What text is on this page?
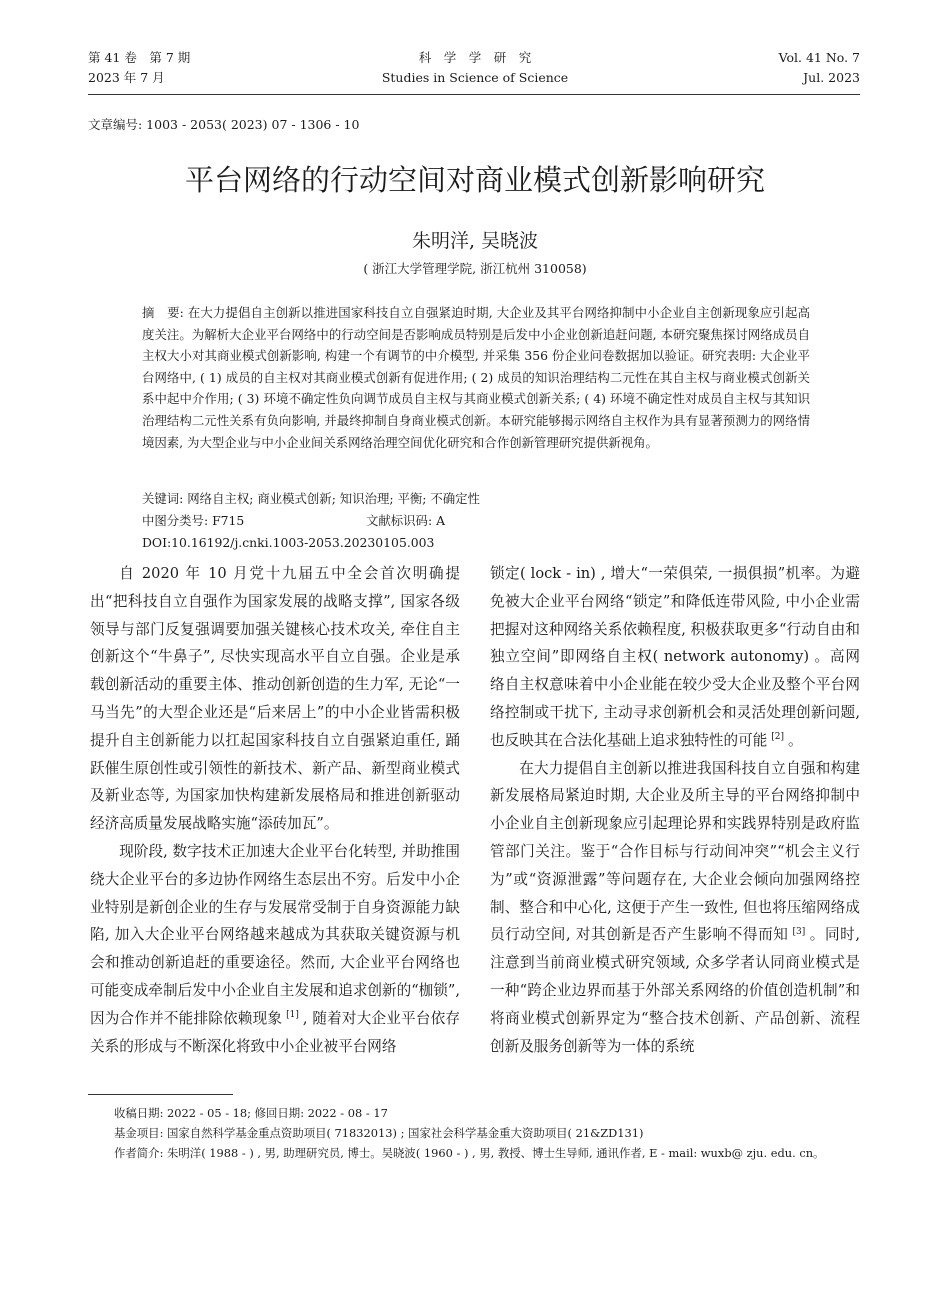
第 41 卷　第 7 期
2023 年 7 月
科　学　学　研　究
Studies in Science of Science
Vol. 41 No. 7
Jul. 2023
文章编号: 1003 - 2053( 2023) 07 - 1306 - 10
平台网络的行动空间对商业模式创新影响研究
朱明洋, 吴晓波
( 浙江大学管理学院, 浙江杭州 310058)
摘　要: 在大力提倡自主创新以推进国家科技自立自强紧迫时期, 大企业及其平台网络抑制中小企业自主创新现象应引起高度关注。为解析大企业平台网络中的行动空间是否影响成员特别是后发中小企业创新追赶问题, 本研究聚焦探讨网络成员自主权大小对其商业模式创新影响, 构建一个有调节的中介模型, 并采集 356 份企业问卷数据加以验证。研究表明: 大企业平台网络中, ( 1) 成员的自主权对其商业模式创新有促进作用; ( 2) 成员的知识治理结构二元性在其自主权与商业模式创新关系中起中介作用; ( 3) 环境不确定性负向调节成员自主权与其商业模式创新关系; ( 4) 环境不确定性对成员自主权与其知识治理结构二元性关系有负向影响, 并最终抑制自身商业模式创新。本研究能够揭示网络自主权作为具有显著预测力的网络情境因素, 为大型企业与中小企业间关系网络治理空间优化研究和合作创新管理研究提供新视角。
关键词: 网络自主权; 商业模式创新; 知识治理; 平衡; 不确定性
中图分类号: F715	文献标识码: A
DOI:10.16192/j.cnki.1003-2053.20230105.003

自 2020 年 10 月党十九届五中全会首次明确提出“把科技自立自强作为国家发展的战略支撑”, 国家各级领导与部门反复强调要加强关键核心技术攻关, 牵住自主创新这个“牛鼻子”, 尽快实现高水平自立自强。企业是承载创新活动的重要主体、推动创新创造的生力军, 无论“一马当先”的大型企业还是“后来居上”的中小企业皆需积极提升自主创新能力以扛起国家科技自立自强紧迫重任, 踊跃催生原创性或引领性的新技术、新产品、新型商业模式及新业态等, 为国家加快构建新发展格局和推进创新驱动经济高质量发展战略实施“添砖加瓦”。

现阶段, 数字技术正加速大企业平台化转型, 并助推围绕大企业平台的多边协作网络生态层出不穷。后发中小企业特别是新创企业的生存与发展常受制于自身资源能力缺陷, 加入大企业平台网络越来越成为其获取关键资源与机会和推动创新追赶的重要途径。然而, 大企业平台网络也可能变成牵制后发中小企业自主发展和追求创新的“枷锁”, 因为合作并不能排除依赖现象 [1] , 随着对大企业平台依存关系的形成与不断深化将致中小企业被平台网络

锁定( lock - in) , 增大“一荣俱荣, 一损俱损”机率。为避免被大企业平台网络“锁定”和降低连带风险, 中小企业需把握对这种网络关系依赖程度, 积极获取更多“行动自由和独立空间”即网络自主权( network autonomy) 。高网络自主权意味着中小企业能在较少受大企业及整个平台网络控制或干扰下, 主动寻求创新机会和灵活处理创新问题, 也反映其在合法化基础上追求独特性的可能 [2] 。

在大力提倡自主创新以推进我国科技自立自强和构建新发展格局紧迫时期, 大企业及所主导的平台网络抑制中小企业自主创新现象应引起理论界和实践界特别是政府监管部门关注。鉴于“合作目标与行动间冲突”“机会主义行为”或“资源泄露”等问题存在, 大企业会倾向加强网络控制、整合和中心化, 这便于产生一致性, 但也将压缩网络成员行动空间, 对其创新是否产生影响不得而知 [3] 。同时, 注意到当前商业模式研究领域, 众多学者认同商业模式是一种“跨企业边界而基于外部关系网络的价值创造机制”和将商业模式创新界定为“整合技术创新、产品创新、流程创新及服务创新等为一体的系统

收稿日期: 2022 - 05 - 18; 修回日期: 2022 - 08 - 17
基金项目: 国家自然科学基金重点资助项目( 71832013) ; 国家社会科学基金重大资助项目( 21&ZD131)
作者简介: 朱明洋( 1988 - ) , 男, 助理研究员, 博士。吴晓波( 1960 - ) , 男, 教授、博士生导师, 通讯作者, E - mail: wuxb@ zju. edu. cn。
